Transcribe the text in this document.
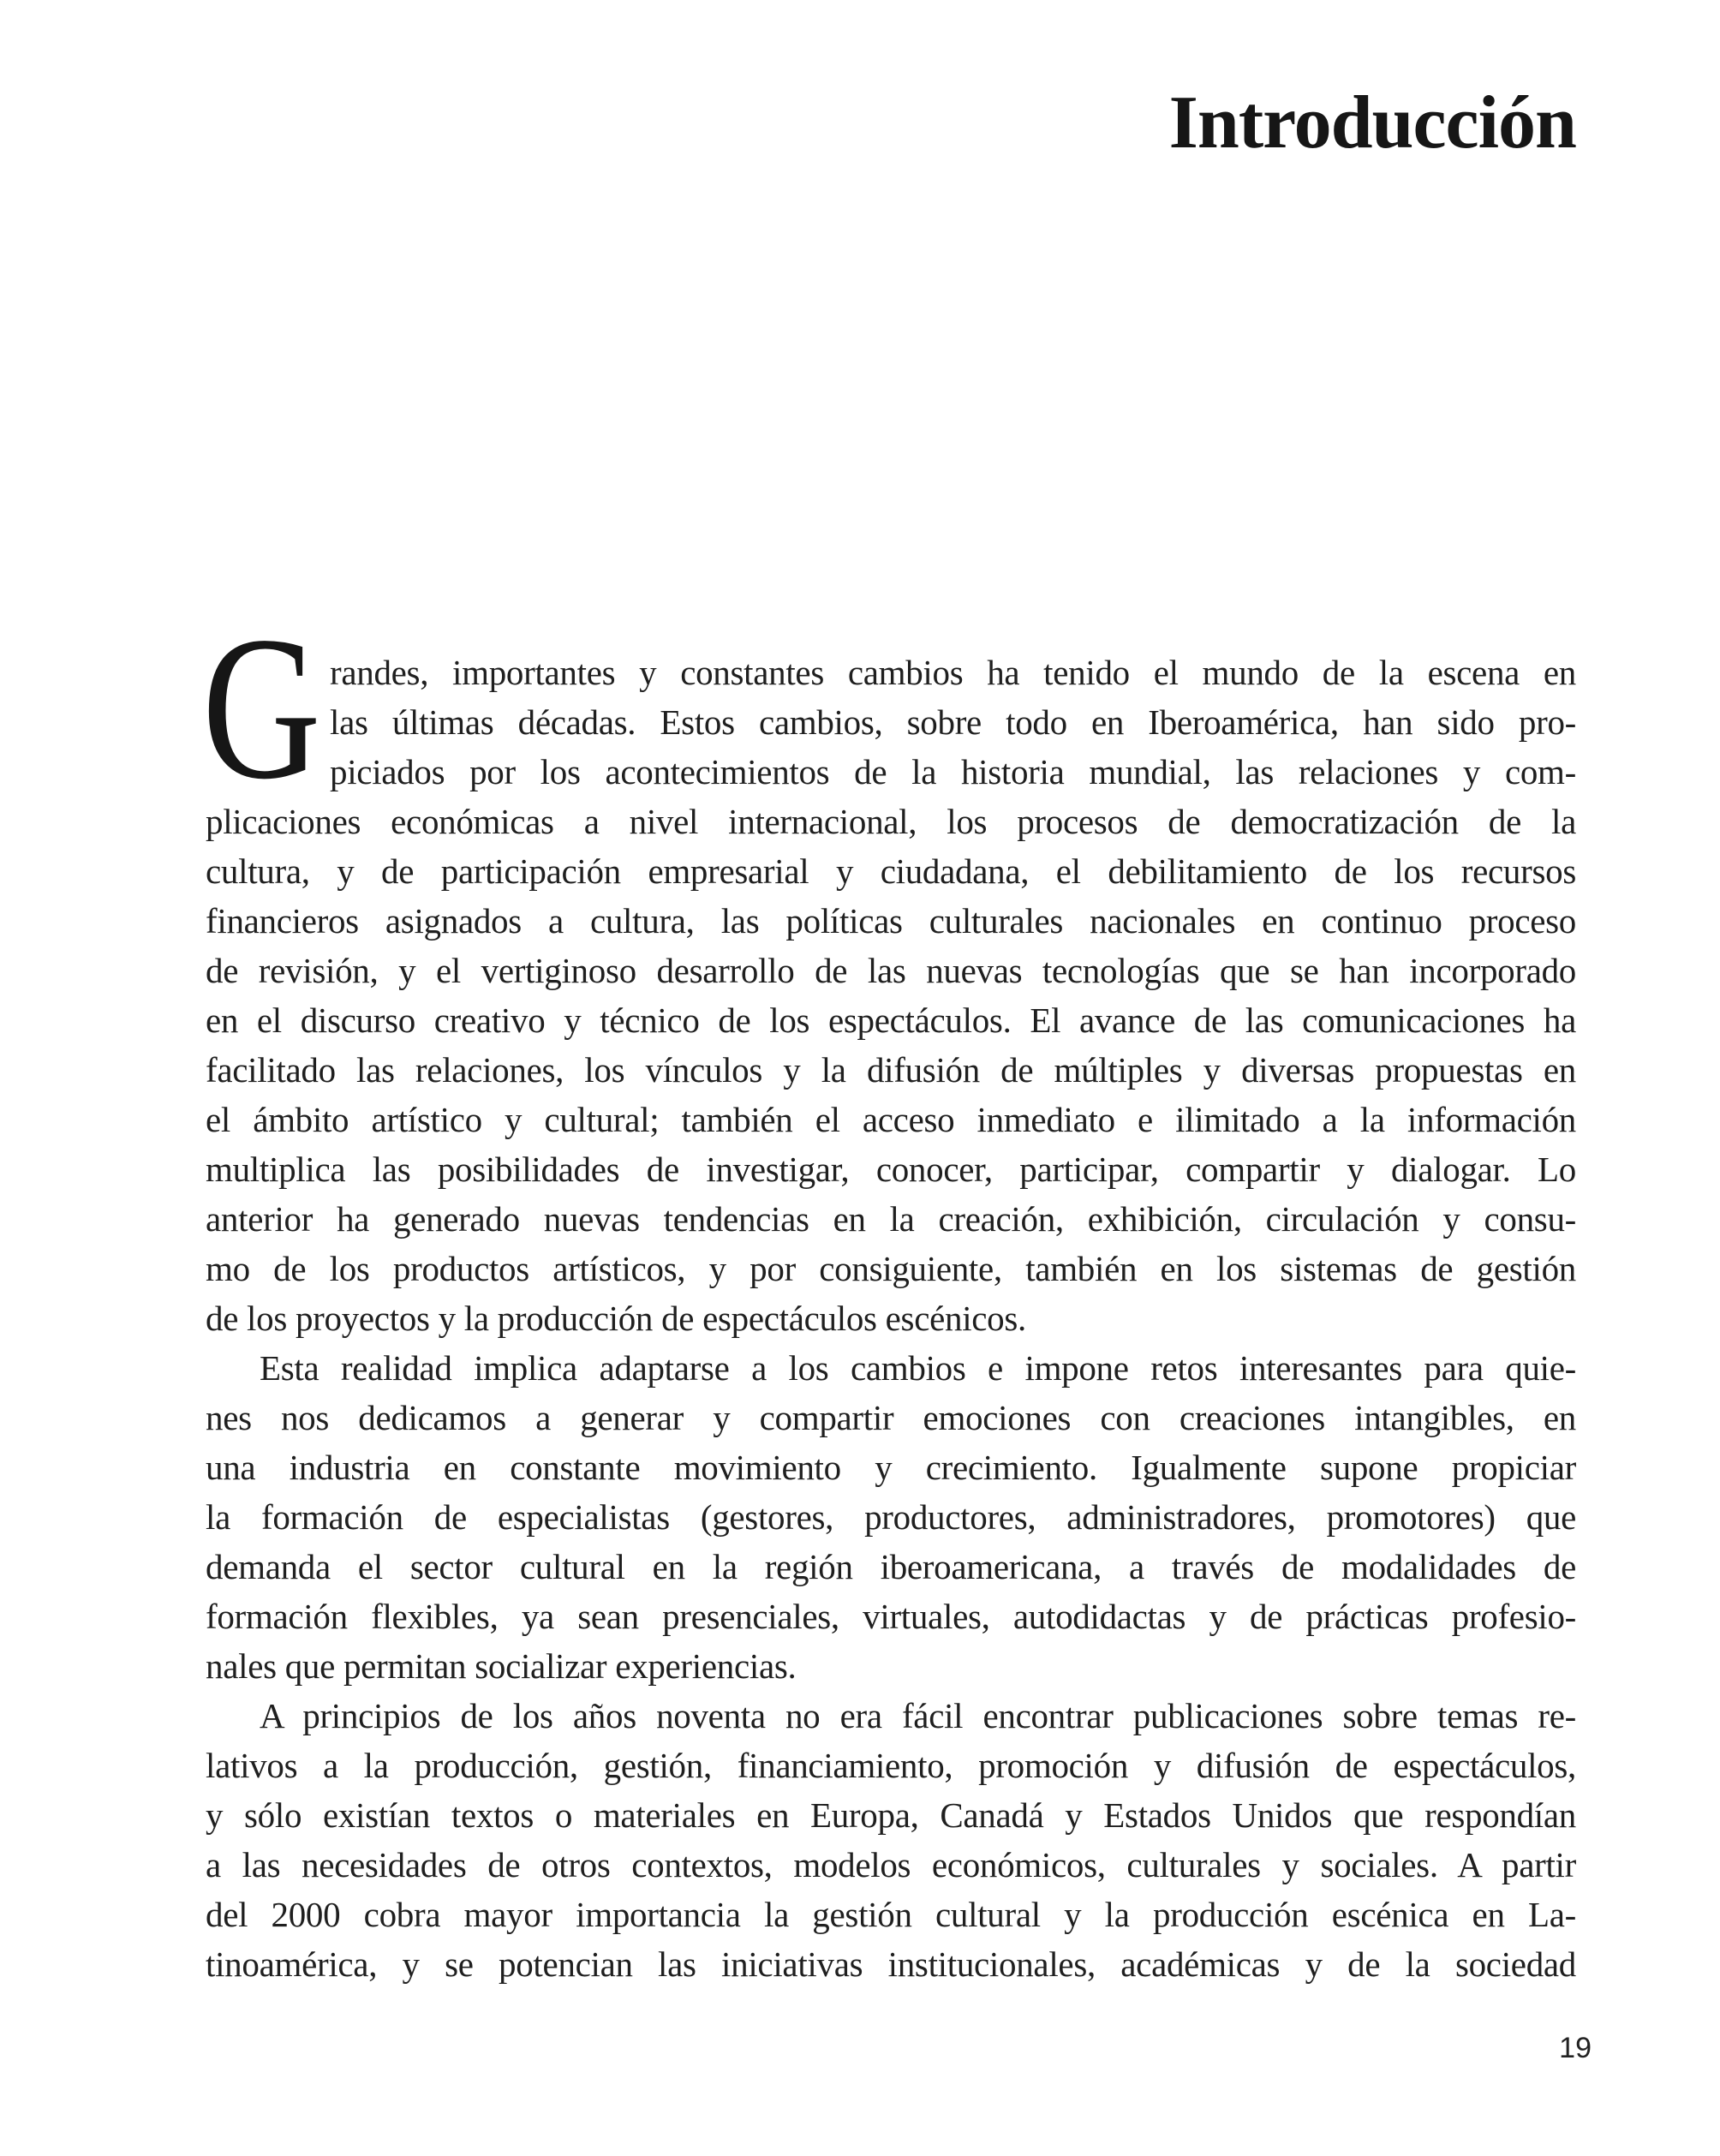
Introducción
G randes, importantes y constantes cambios ha tenido el mundo de la escena en
las últimas décadas. Estos cambios, sobre todo en Iberoamérica, han sido pro-
piciados por los acontecimientos de la historia mundial, las relaciones y com-
plicaciones económicas a nivel internacional, los procesos de democratización de la
cultura, y de participación empresarial y ciudadana, el debilitamiento de los recursos
financieros asignados a cultura, las políticas culturales nacionales en continuo proceso
de revisión, y el vertiginoso desarrollo de las nuevas tecnologías que se han incorporado
en el discurso creativo y técnico de los espectáculos. El avance de las comunicaciones ha
facilitado las relaciones, los vínculos y la difusión de múltiples y diversas propuestas en
el ámbito artístico y cultural; también el acceso inmediato e ilimitado a la información
multiplica las posibilidades de investigar, conocer, participar, compartir y dialogar. Lo
anterior ha generado nuevas tendencias en la creación, exhibición, circulación y consu-
mo de los productos artísticos, y por consiguiente, también en los sistemas de gestión
de los proyectos y la producción de espectáculos escénicos.
Esta realidad implica adaptarse a los cambios e impone retos interesantes para quie-
nes nos dedicamos a generar y compartir emociones con creaciones intangibles, en
una industria en constante movimiento y crecimiento. Igualmente supone propiciar
la formación de especialistas (gestores, productores, administradores, promotores) que
demanda el sector cultural en la región iberoamericana, a través de modalidades de
formación flexibles, ya sean presenciales, virtuales, autodidactas y de prácticas profesio-
nales que permitan socializar experiencias.
A principios de los años noventa no era fácil encontrar publicaciones sobre temas re-
lativos a la producción, gestión, financiamiento, promoción y difusión de espectáculos,
y sólo existían textos o materiales en Europa, Canadá y Estados Unidos que respondían
a las necesidades de otros contextos, modelos económicos, culturales y sociales. A partir
del 2000 cobra mayor importancia la gestión cultural y la producción escénica en La-
tinoamérica, y se potencian las iniciativas institucionales, académicas y de la sociedad
19
